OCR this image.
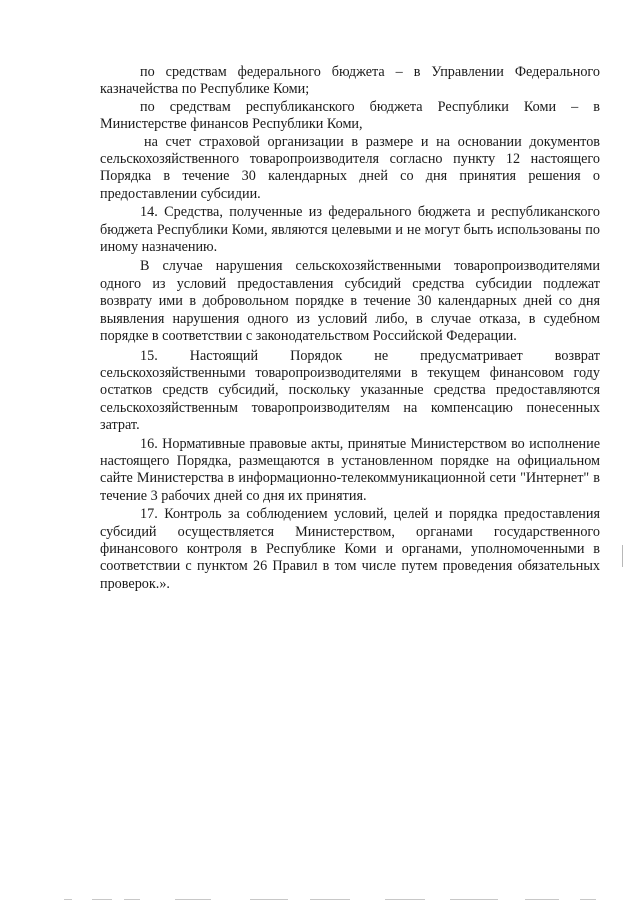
по средствам федерального бюджета – в Управлении Федерального казначейства по Республике Коми;

по средствам республиканского бюджета Республики Коми – в Министерстве финансов Республики Коми,

на счет страховой организации в размере и на основании документов сельскохозяйственного товаропроизводителя согласно пункту 12 настоящего Порядка в течение 30 календарных дней со дня принятия решения о предоставлении субсидии.

14. Средства, полученные из федерального бюджета и республиканского бюджета Республики Коми, являются целевыми и не могут быть использованы по иному назначению.

В случае нарушения сельскохозяйственными товаропроизводителями одного из условий предоставления субсидий средства субсидии подлежат возврату ими в добровольном порядке в течение 30 календарных дней со дня выявления нарушения одного из условий либо, в случае отказа, в судебном порядке в соответствии с законодательством Российской Федерации.

15. Настоящий Порядок не предусматривает возврат сельскохозяйственными товаропроизводителями в текущем финансовом году остатков средств субсидий, поскольку указанные средства предоставляются сельскохозяйственным товаропроизводителям на компенсацию понесенных затрат.

16. Нормативные правовые акты, принятые Министерством во исполнение настоящего Порядка, размещаются в установленном порядке на официальном сайте Министерства в информационно-телекоммуникационной сети "Интернет" в течение 3 рабочих дней со дня их принятия.

17. Контроль за соблюдением условий, целей и порядка предоставления субсидий осуществляется Министерством, органами государственного финансового контроля в Республике Коми и органами, уполномоченными в соответствии с пунктом 26 Правил в том числе путем проведения обязательных проверок.».
